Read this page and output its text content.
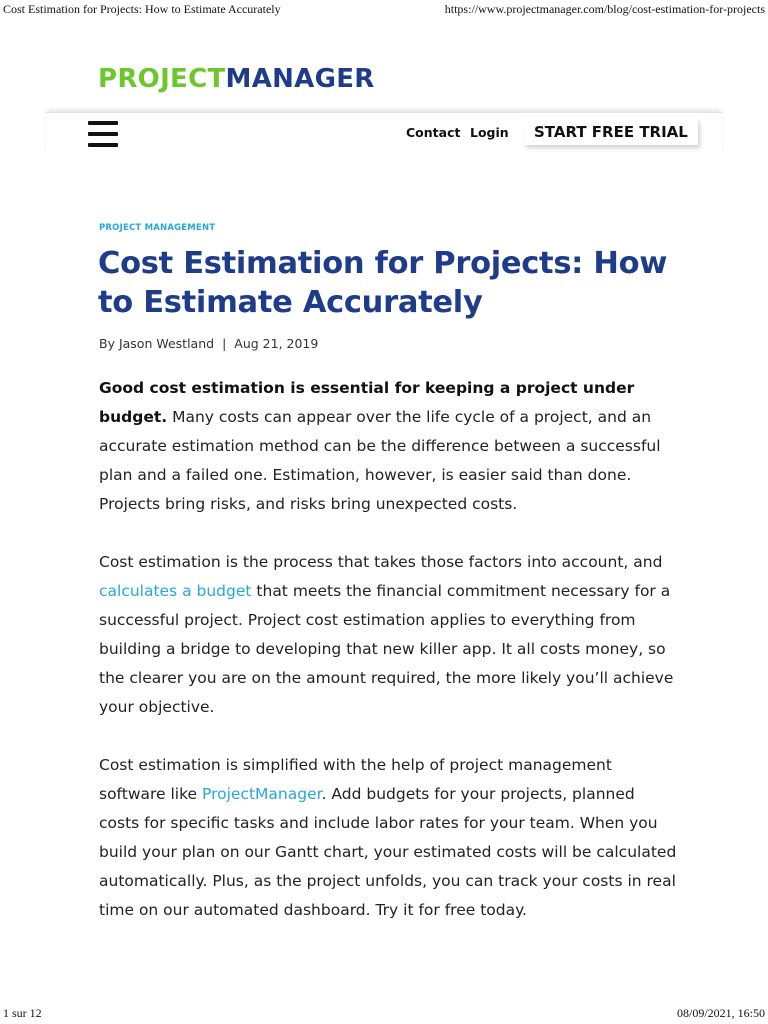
Cost Estimation for Projects: How to Estimate Accurately	https://www.projectmanager.com/blog/cost-estimation-for-projects
PROJECTMANAGER
Contact Login	START FREE TRIAL
PROJECT MANAGEMENT
Cost Estimation for Projects: How to Estimate Accurately
By Jason Westland | Aug 21, 2019

Good cost estimation is essential for keeping a project under budget. Many costs can appear over the life cycle of a project, and an accurate estimation method can be the difference between a successful plan and a failed one. Estimation, however, is easier said than done. Projects bring risks, and risks bring unexpected costs.

Cost estimation is the process that takes those factors into account, and calculates a budget that meets the financial commitment necessary for a successful project. Project cost estimation applies to everything from building a bridge to developing that new killer app. It all costs money, so the clearer you are on the amount required, the more likely you’ll achieve your objective.

Cost estimation is simplified with the help of project management software like ProjectManager. Add budgets for your projects, planned costs for specific tasks and include labor rates for your team. When you build your plan on our Gantt chart, your estimated costs will be calculated automatically. Plus, as the project unfolds, you can track your costs in real time on our automated dashboard. Try it for free today.

1 sur 12	08/09/2021, 16:50
